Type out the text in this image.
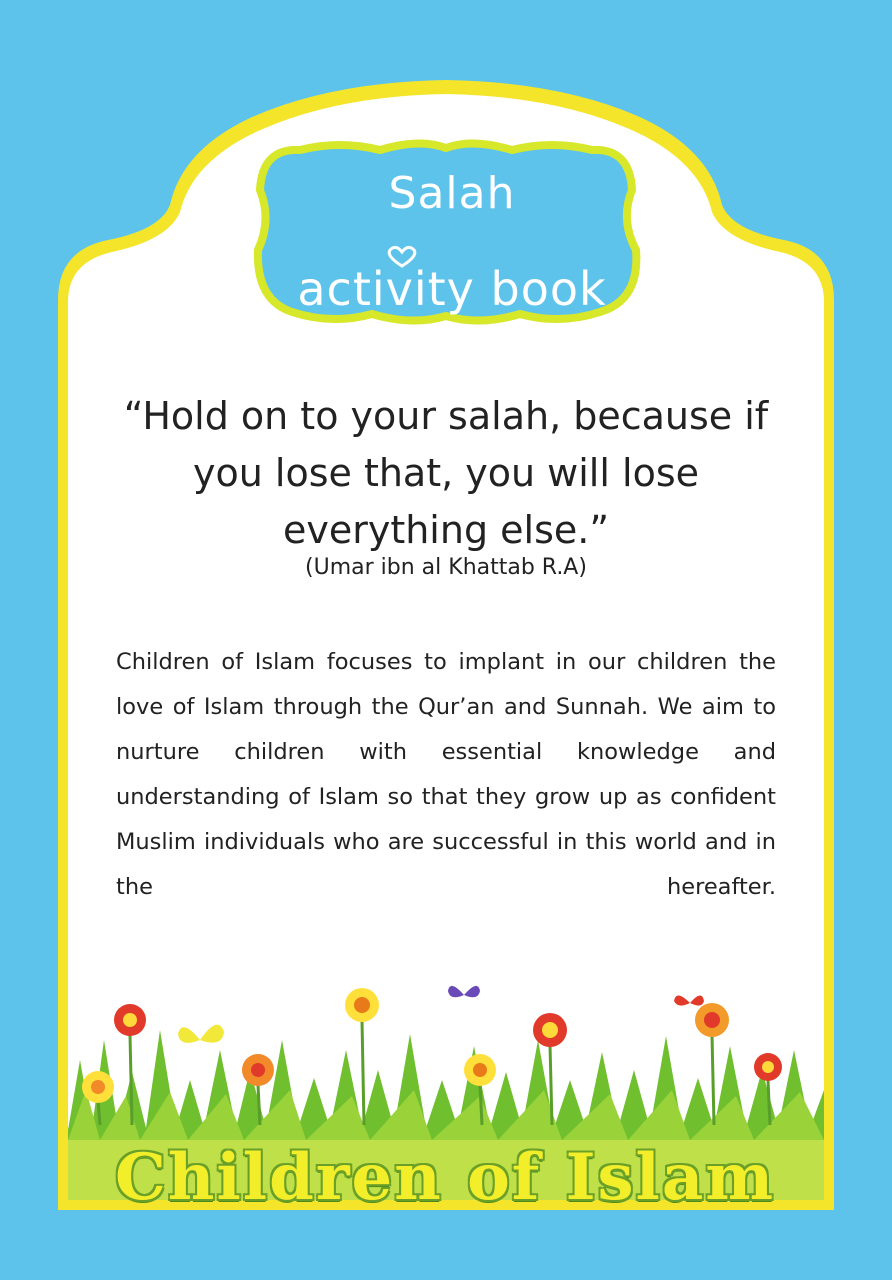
Salah
activity book
“Hold on to your salah, because if you lose that, you will lose everything else.”
(Umar ibn al Khattab R.A)
Children of Islam focuses to implant in our children the love of Islam through the Qur’an and Sunnah. We aim to nurture children with essential knowledge and understanding of Islam so that they grow up as confident Muslim individuals who are successful in this world and in the hereafter.
Children of Islam
